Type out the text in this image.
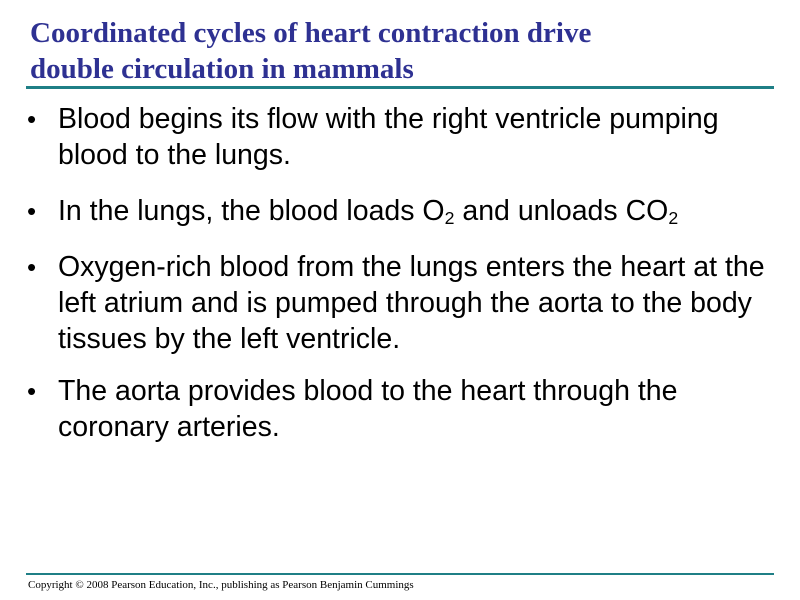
Coordinated cycles of heart contraction drive
double circulation in mammals
• Blood begins its flow with the right ventricle pumping blood to the lungs.
• In the lungs, the blood loads $O_2$ and unloads $CO_2$
• Oxygen-rich blood from the lungs enters the heart at the left atrium and is pumped through the aorta to the body tissues by the left ventricle.
• The aorta provides blood to the heart through the coronary arteries.

Copyright © 2008 Pearson Education, Inc., publishing as Pearson Benjamin Cummings
